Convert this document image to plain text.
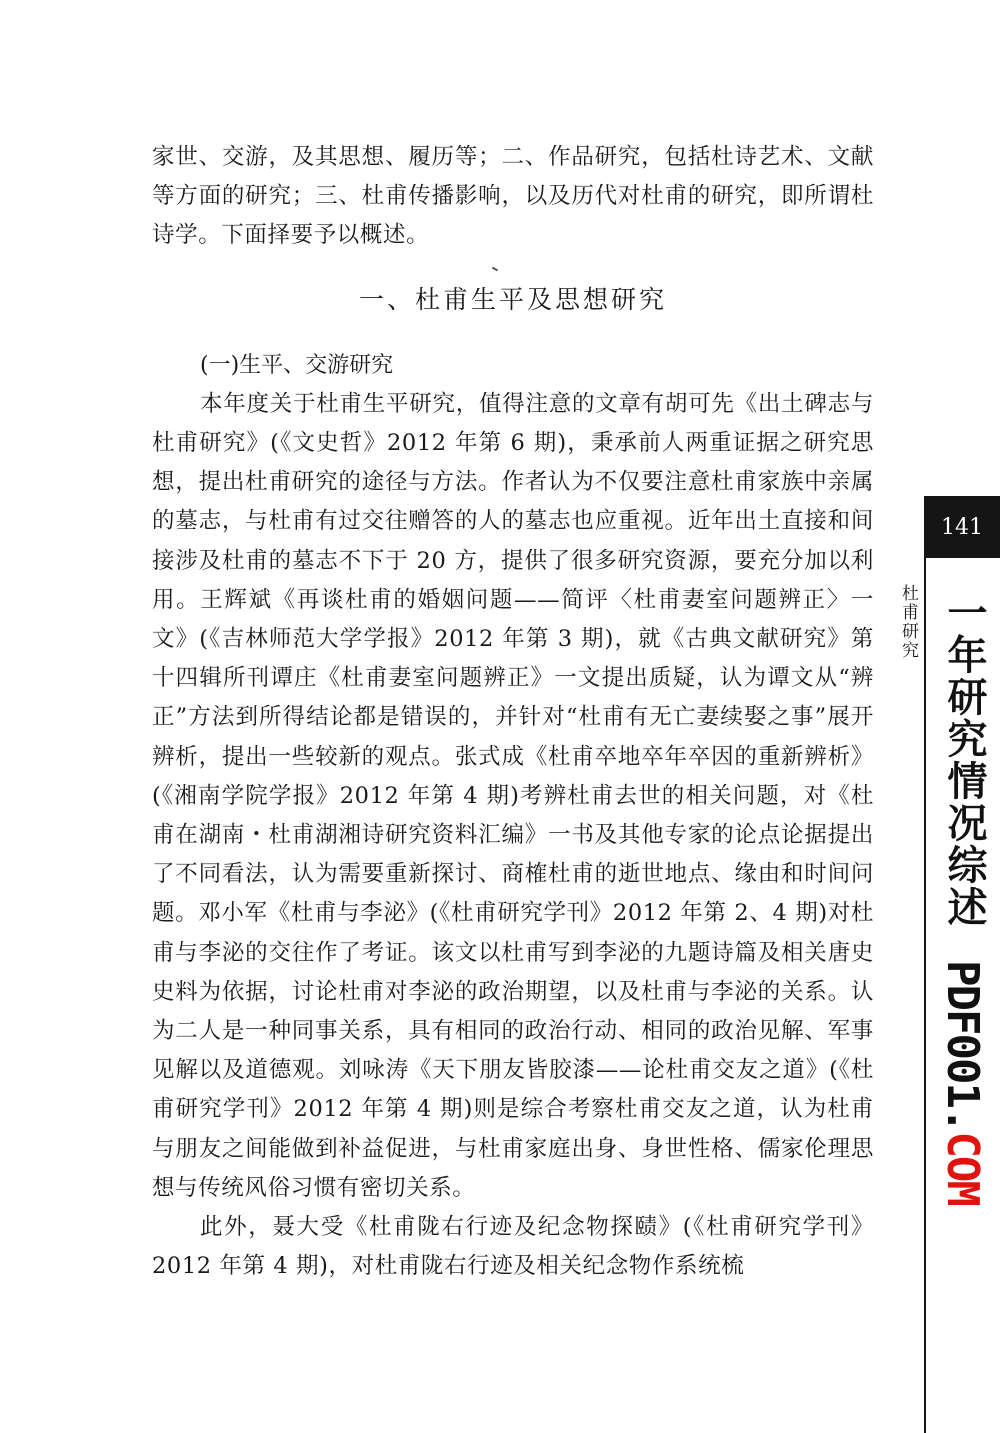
家世、交游，及其思想、履历等；二、作品研究，包括杜诗艺术、文献等方面的研究；三、杜甫传播影响，以及历代对杜甫的研究，即所谓杜诗学。下面择要予以概述。

一、杜甫生平及思想研究

(一)生平、交游研究

本年度关于杜甫生平研究，值得注意的文章有胡可先《出土碑志与杜甫研究》(《文史哲》2012 年第 6 期)，秉承前人两重证据之研究思想，提出杜甫研究的途径与方法。作者认为不仅要注意杜甫家族中亲属的墓志，与杜甫有过交往赠答的人的墓志也应重视。近年出土直接和间接涉及杜甫的墓志不下于 20 方，提供了很多研究资源，要充分加以利用。王辉斌《再谈杜甫的婚姻问题——简评〈杜甫妻室问题辨正〉一文》(《吉林师范大学学报》2012 年第 3 期)，就《古典文献研究》第十四辑所刊谭庄《杜甫妻室问题辨正》一文提出质疑，认为谭文从“辨正”方法到所得结论都是错误的，并针对“杜甫有无亡妻续娶之事”展开辨析，提出一些较新的观点。张式成《杜甫卒地卒年卒因的重新辨析》(《湘南学院学报》2012 年第 4 期)考辨杜甫去世的相关问题，对《杜甫在湖南・杜甫湖湘诗研究资料汇编》一书及其他专家的论点论据提出了不同看法，认为需要重新探讨、商榷杜甫的逝世地点、缘由和时间问题。邓小军《杜甫与李泌》(《杜甫研究学刊》2012 年第 2、4 期)对杜甫与李泌的交往作了考证。该文以杜甫写到李泌的九题诗篇及相关唐史史料为依据，讨论杜甫对李泌的政治期望，以及杜甫与李泌的关系。认为二人是一种同事关系，具有相同的政治行动、相同的政治见解、军事见解以及道德观。刘咏涛《天下朋友皆胶漆——论杜甫交友之道》(《杜甫研究学刊》2012 年第 4 期)则是综合考察杜甫交友之道，认为杜甫与朋友之间能做到补益促进，与杜甫家庭出身、身世性格、儒家伦理思想与传统风俗习惯有密切关系。

此外，聂大受《杜甫陇右行迹及纪念物探赜》(《杜甫研究学刊》2012 年第 4 期)，对杜甫陇右行迹及相关纪念物作系统梳

141
杜甫研究 一年研究情况综述
PDF001.COM
